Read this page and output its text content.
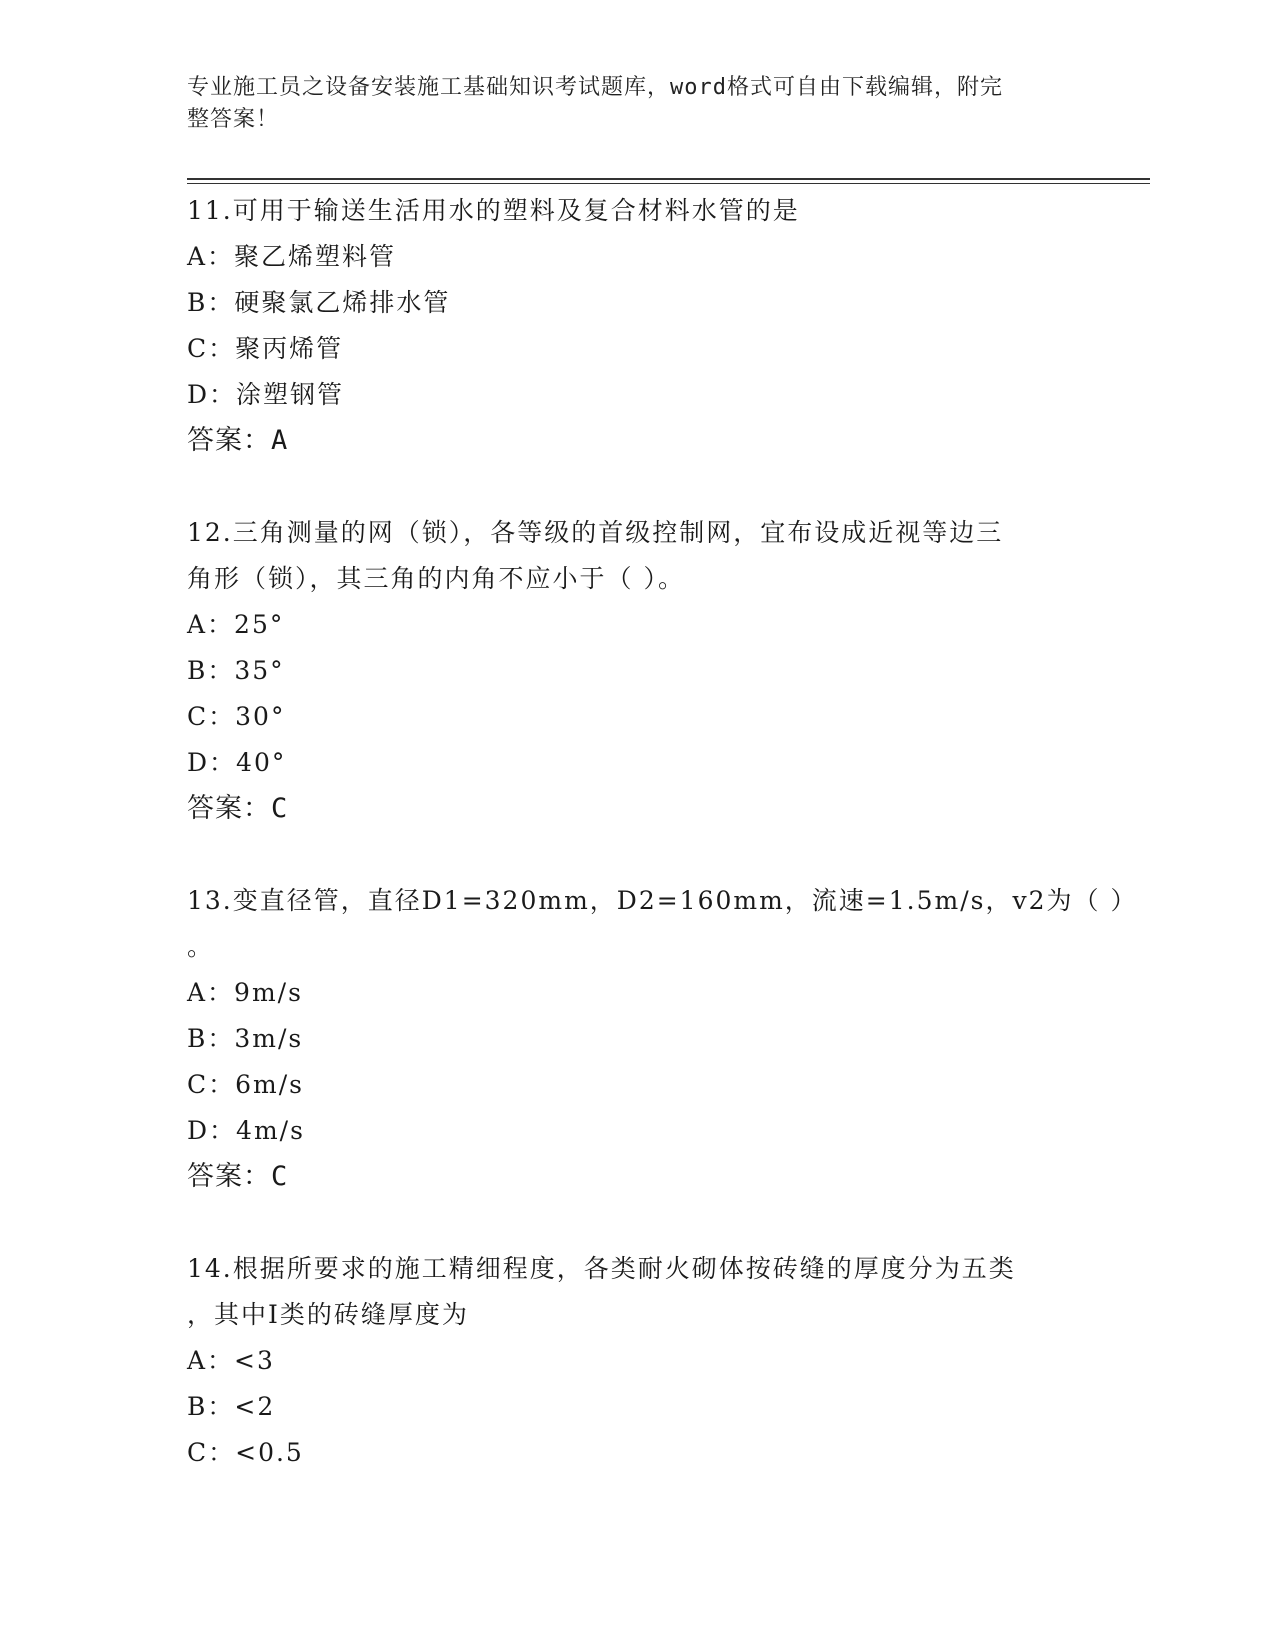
专业施工员之设备安装施工基础知识考试题库，word格式可自由下载编辑，附完
整答案！
11.可用于输送生活用水的塑料及复合材料水管的是
A：聚乙烯塑料管
B：硬聚氯乙烯排水管
C：聚丙烯管
D：涂塑钢管
答案：A
12.三角测量的网（锁），各等级的首级控制网，宜布设成近视等边三
角形（锁），其三角的内角不应小于（ ）。
A：25°
B：35°
C：30°
D：40°
答案：C
13.变直径管，直径D1=320mm，D2=160mm，流速=1.5m/s，v2为（ ）
。
A：9m/s
B：3m/s
C：6m/s
D：4m/s
答案：C
14.根据所要求的施工精细程度，各类耐火砌体按砖缝的厚度分为五类
，其中Ⅰ类的砖缝厚度为
A：<3
B：<2
C：<0.5
